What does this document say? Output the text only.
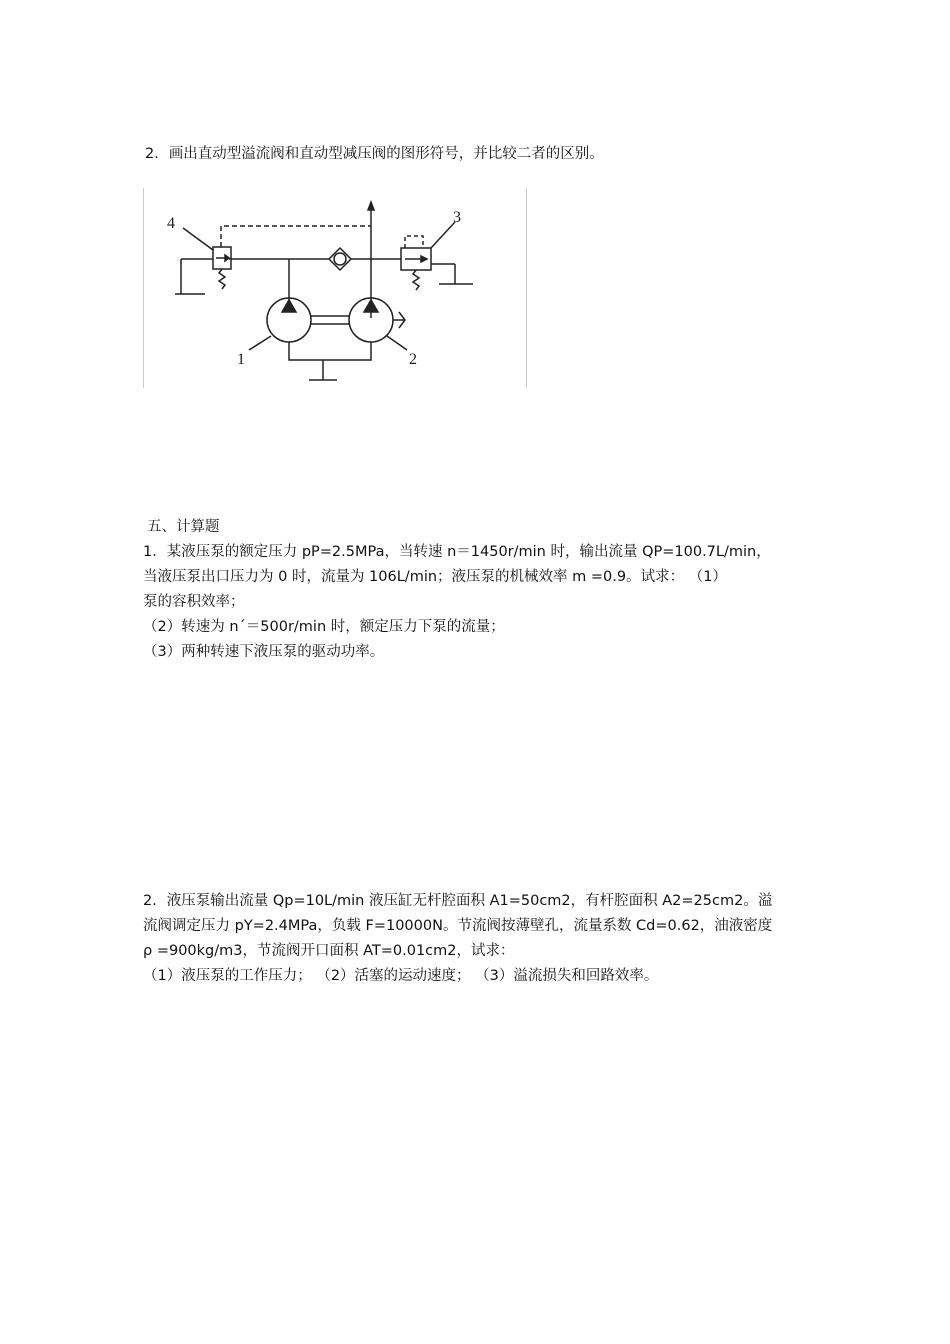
2．画出直动型溢流阀和直动型减压阀的图形符号，并比较二者的区别。
4	3
1	2
五、计算题
1．某液压泵的额定压力 pP=2.5MPa，当转速 n＝1450r/min 时，输出流量 QP=100.7L/min，
当液压泵出口压力为 0 时，流量为 106L/min；液压泵的机械效率 m =0.9。试求： （1）
泵的容积效率；
（2）转速为 n´＝500r/min 时，额定压力下泵的流量；
（3）两种转速下液压泵的驱动功率。
2．液压泵输出流量 Qp=10L/min 液压缸无杆腔面积 A1=50cm2，有杆腔面积 A2=25cm2。溢
流阀调定压力 pY=2.4MPa，负载 F=10000N。节流阀按薄壁孔，流量系数 Cd=0.62，油液密度
ρ =900kg/m3，节流阀开口面积 AT=0.01cm2，试求：
（1）液压泵的工作压力； （2）活塞的运动速度； （3）溢流损失和回路效率。
